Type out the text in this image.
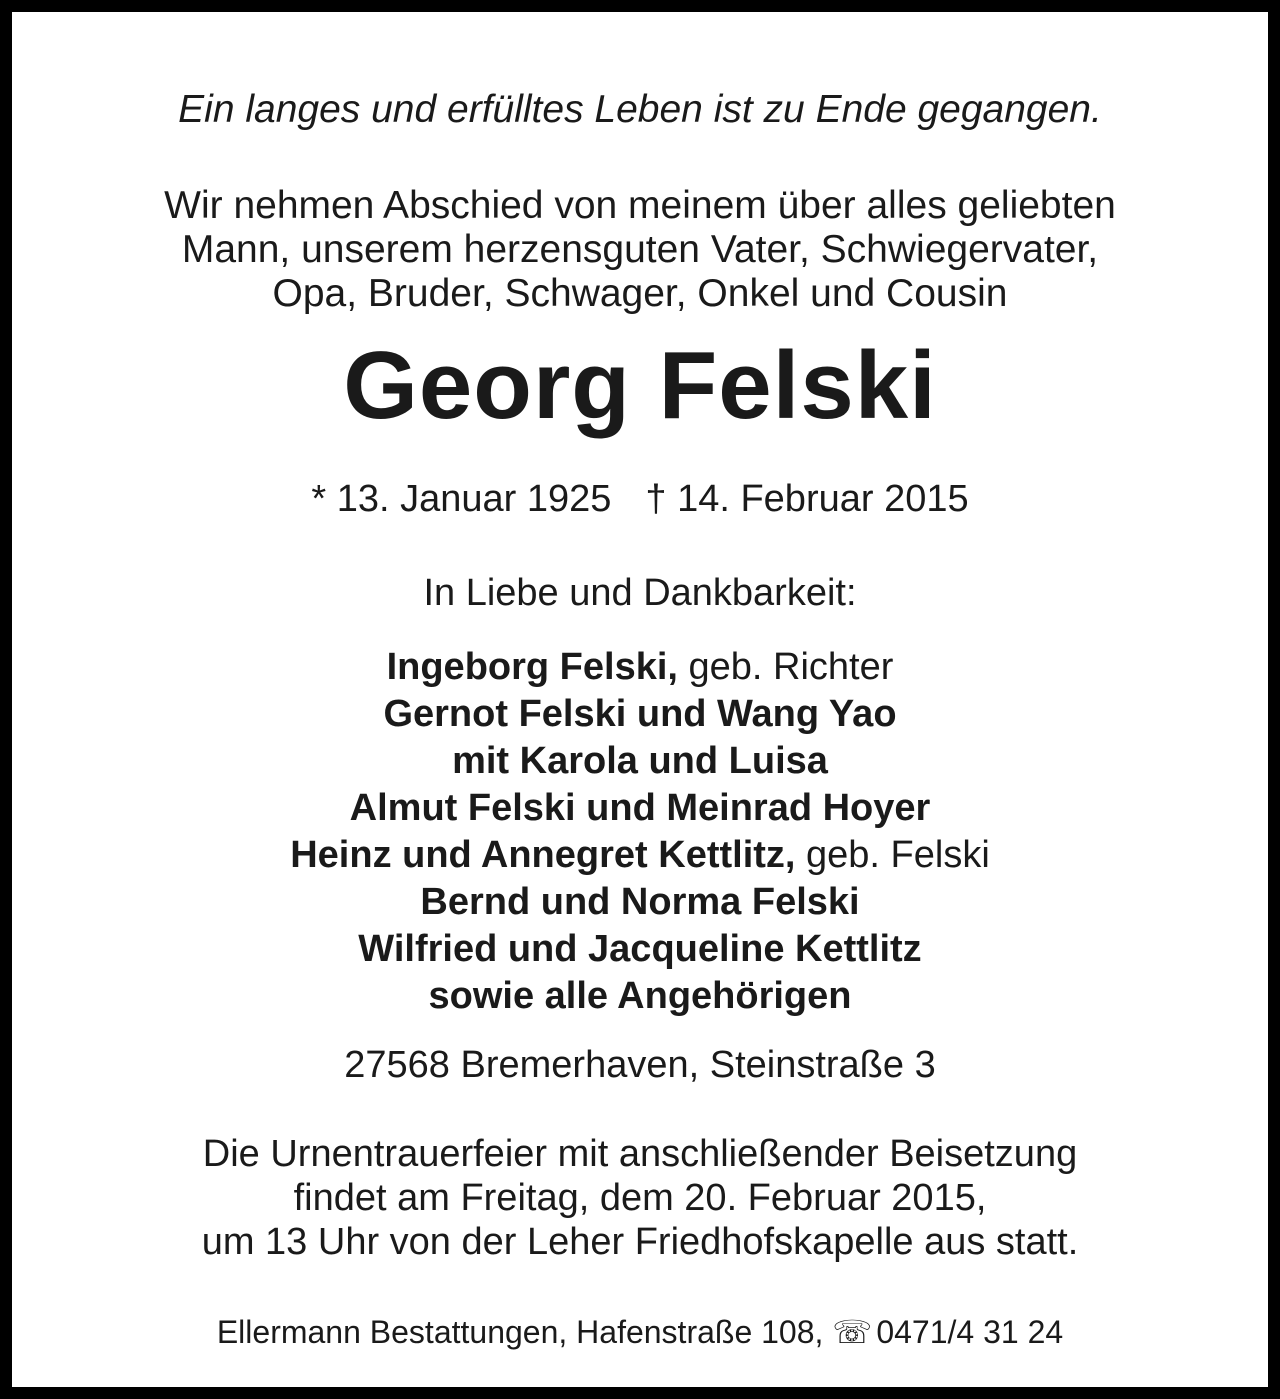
Ein langes und erfülltes Leben ist zu Ende gegangen.
Wir nehmen Abschied von meinem über alles geliebten
Mann, unserem herzensguten Vater, Schwiegervater,
Opa, Bruder, Schwager, Onkel und Cousin
Georg Felski
* 13. Januar 1925 † 14. Februar 2015
In Liebe und Dankbarkeit:
Ingeborg Felski, geb. Richter
Gernot Felski und Wang Yao
mit Karola und Luisa
Almut Felski und Meinrad Hoyer
Heinz und Annegret Kettlitz, geb. Felski
Bernd und Norma Felski
Wilfried und Jacqueline Kettlitz
sowie alle Angehörigen
27568 Bremerhaven, Steinstraße 3
Die Urnentrauerfeier mit anschließender Beisetzung
findet am Freitag, dem 20. Februar 2015,
um 13 Uhr von der Leher Friedhofskapelle aus statt.
Ellermann Bestattungen, Hafenstraße 108, ☏ 0471/4 31 24
